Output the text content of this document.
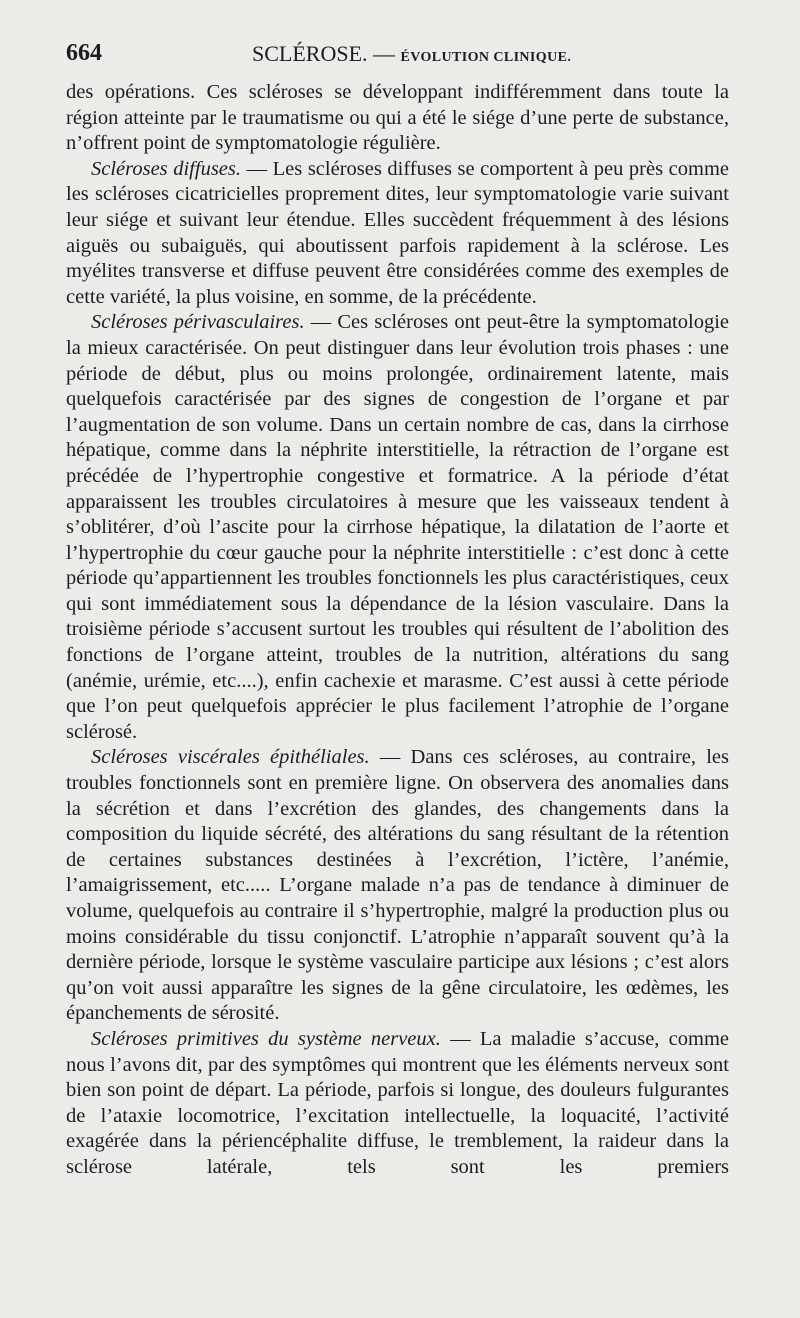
664	SCLÉROSE. — ÉVOLUTION CLINIQUE.

des opérations. Ces scléroses se développant indifféremment dans toute la région atteinte par le traumatisme ou qui a été le siége d’une perte de substance, n’offrent point de symptomatologie régulière.

Scléroses diffuses. — Les scléroses diffuses se comportent à peu près comme les scléroses cicatricielles proprement dites, leur symptomatologie varie suivant leur siége et suivant leur étendue. Elles succèdent fréquemment à des lésions aiguës ou subaiguës, qui aboutissent parfois rapidement à la sclérose. Les myélites transverse et diffuse peuvent être considérées comme des exemples de cette variété, la plus voisine, en somme, de la précédente.

Scléroses périvasculaires. — Ces scléroses ont peut-être la symptomatologie la mieux caractérisée. On peut distinguer dans leur évolution trois phases : une période de début, plus ou moins prolongée, ordinairement latente, mais quelquefois caractérisée par des signes de congestion de l’organe et par l’augmentation de son volume. Dans un certain nombre de cas, dans la cirrhose hépatique, comme dans la néphrite interstitielle, la rétraction de l’organe est précédée de l’hypertrophie congestive et formatrice. A la période d’état apparaissent les troubles circulatoires à mesure que les vaisseaux tendent à s’oblitérer, d’où l’ascite pour la cirrhose hépatique, la dilatation de l’aorte et l’hypertrophie du cœur gauche pour la néphrite interstitielle : c’est donc à cette période qu’appartiennent les troubles fonctionnels les plus caractéristiques, ceux qui sont immédiatement sous la dépendance de la lésion vasculaire. Dans la troisième période s’accusent surtout les troubles qui résultent de l’abolition des fonctions de l’organe atteint, troubles de la nutrition, altérations du sang (anémie, urémie, etc....), enfin cachexie et marasme. C’est aussi à cette période que l’on peut quelquefois apprécier le plus facilement l’atrophie de l’organe sclérosé.

Scléroses viscérales épithéliales. — Dans ces scléroses, au contraire, les troubles fonctionnels sont en première ligne. On observera des anomalies dans la sécrétion et dans l’excrétion des glandes, des changements dans la composition du liquide sécrété, des altérations du sang résultant de la rétention de certaines substances destinées à l’excrétion, l’ictère, l’anémie, l’amaigrissement, etc..... L’organe malade n’a pas de tendance à diminuer de volume, quelquefois au contraire il s’hypertrophie, malgré la production plus ou moins considérable du tissu conjonctif. L’atrophie n’apparaît souvent qu’à la dernière période, lorsque le système vasculaire participe aux lésions ; c’est alors qu’on voit aussi apparaître les signes de la gêne circulatoire, les œdèmes, les épanchements de sérosité.

Scléroses primitives du système nerveux. — La maladie s’accuse, comme nous l’avons dit, par des symptômes qui montrent que les éléments nerveux sont bien son point de départ. La période, parfois si longue, des douleurs fulgurantes de l’ataxie locomotrice, l’excitation intellectuelle, la loquacité, l’activité exagérée dans la périencéphalite diffuse, le tremblement, la raideur dans la sclérose latérale, tels sont les premiers
